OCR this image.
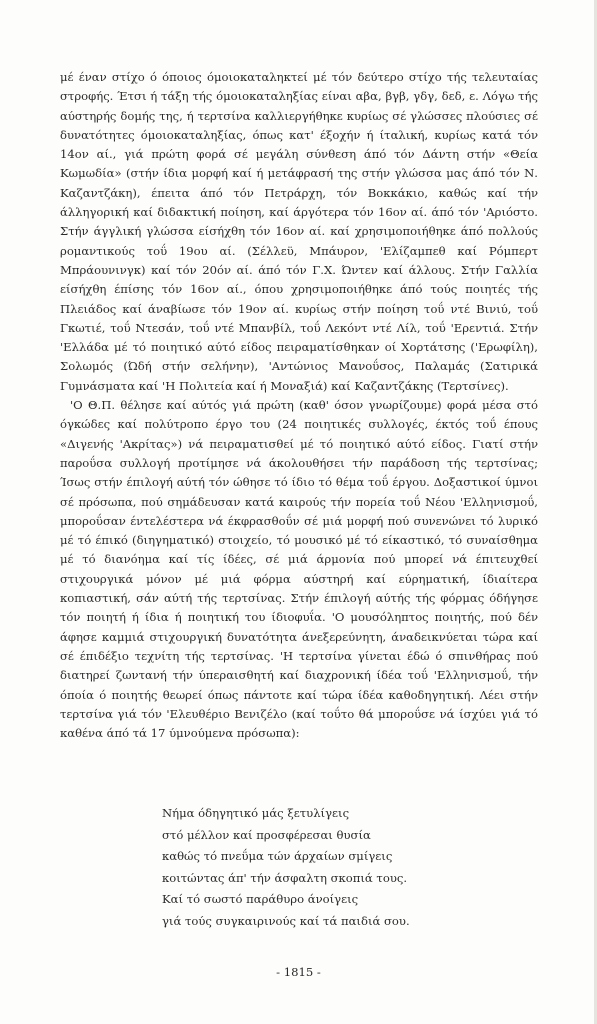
μέ έναν στίχο ό όποιος όμοιοκαταληκτεί μέ τόν δεύτερο στίχο τής τελευταίας στροφής. Έτσι ή τάξη τής όμοιοκαταληξίας είναι αβα, βγβ, γδγ, δεδ, ε. Λόγω τής αύστηρής δομής της, ή τερτσίνα καλλιεργήθηκε κυρίως σέ γλώσσες πλούσιες σέ δυνατότητες όμοιοκαταληξίας, όπως κατ' έξοχήν ή ίταλική, κυρίως κατά τόν 14ον αί., γιά πρώτη φορά σέ μεγάλη σύνθεση άπό τόν Δάντη στήν «Θεία Κωμωδία» (στήν ίδια μορφή καί ή μετάφρασή της στήν γλώσσα μας άπό τόν Ν. Καζαντζάκη), έπειτα άπό τόν Πετράρχη, τόν Βοκκάκιο, καθώς καί τήν άλληγορική καί διδακτική ποίηση, καί άργότερα τόν 16ον αί. άπό τόν 'Αριόστο. Στήν άγγλική γλώσσα είσήχθη τόν 16ον αί. καί χρησιμοποιήθηκε άπό πολλούς ρομαντικούς τοΰ 19ου αί. (Σέλλεϋ, Μπάυρον, 'Ελίζαμπεθ καί Ρόμπερτ Μπράουνινγκ) καί τόν 20όν αί. άπό τόν Γ.Χ. Ώντεν καί άλλους. Στήν Γαλλία είσήχθη έπίσης τόν 16ον αί., όπου χρησιμοποιήθηκε άπό τούς ποιητές τής Πλειάδος καί άναβίωσε τόν 19ον αί. κυρίως στήν ποίηση τοΰ ντέ Βινιύ, τοΰ Γκωτιέ, τοΰ Ντεσάν, τοΰ ντέ Μπανβίλ, τοΰ Λεκόντ ντέ Λίλ, τοΰ 'Ερεντιά. Στήν 'Ελλάδα μέ τό ποιητικό αύτό είδος πειραματίσθηκαν οί Χορτάτσης ('Ερωφίλη), Σολωμός (Ώδή στήν σελήνην), 'Αντώνιος Μανοΰσος, Παλαμάς (Σατιρικά Γυμνάσματα καί 'Η Πολιτεία καί ή Μοναξιά) καί Καζαντζάκης (Τερτσίνες).

'Ο Θ.Π. θέλησε καί αύτός γιά πρώτη (καθ' όσον γνωρίζουμε) φορά μέσα στό όγκώδες καί πολύτροπο έργο του (24 ποιητικές συλλογές, έκτός τοΰ έπους «Διγενής 'Ακρίτας») νά πειραματισθεί μέ τό ποιητικό αύτό είδος. Γιατί στήν παροΰσα συλλογή προτίμησε νά άκολουθήσει τήν παράδοση τής τερτσίνας; Ίσως στήν έπιλογή αύτή τόν ώθησε τό ίδιο τό θέμα τοΰ έργου. Δοξαστικοί ύμνοι σέ πρόσωπα, πού σημάδευσαν κατά καιρούς τήν πορεία τοΰ Νέου 'Ελληνισμοΰ, μποροΰσαν έντελέστερα νά έκφρασθοΰν σέ μιά μορφή πού συνενώνει τό λυρικό μέ τό έπικό (διηγηματικό) στοιχείο, τό μουσικό μέ τό είκαστικό, τό συναίσθημα μέ τό διανόημα καί τίς ίδέες, σέ μιά άρμονία πού μπορεί νά έπιτευχθεί στιχουργικά μόνον μέ μιά φόρμα αύστηρή καί εύρηματική, ίδιαίτερα κοπιαστική, σάν αύτή τής τερτσίνας. Στήν έπιλογή αύτής τής φόρμας όδήγησε τόν ποιητή ή ίδια ή ποιητική του ίδιοφυΐα. 'Ο μουσόληπτος ποιητής, πού δέν άφησε καμμιά στιχουργική δυνατότητα άνεξερεύνητη, άναδεικνύεται τώρα καί σέ έπιδέξιο τεχνίτη τής τερτσίνας. 'Η τερτσίνα γίνεται έδώ ό σπινθήρας πού διατηρεί ζωντανή τήν ύπεραισθητή καί διαχρονική ίδέα τοΰ 'Ελληνισμοΰ, τήν όποία ό ποιητής θεωρεί όπως πάντοτε καί τώρα ίδέα καθοδηγητική. Λέει στήν τερτσίνα γιά τόν 'Ελευθέριο Βενιζέλο (καί τοΰτο θά μποροΰσε νά ίσχύει γιά τό καθένα άπό τά 17 ύμνούμενα πρόσωπα):

Νήμα όδηγητικό μάς ξετυλίγεις
στό μέλλον καί προσφέρεσαι θυσία
καθώς τό πνεΰμα τών άρχαίων σμίγεις
κοιτώντας άπ' τήν άσφαλτη σκοπιά τους.
Καί τό σωστό παράθυρο άνοίγεις
γιά τούς συγκαιρινούς καί τά παιδιά σου.
- 1815 -
